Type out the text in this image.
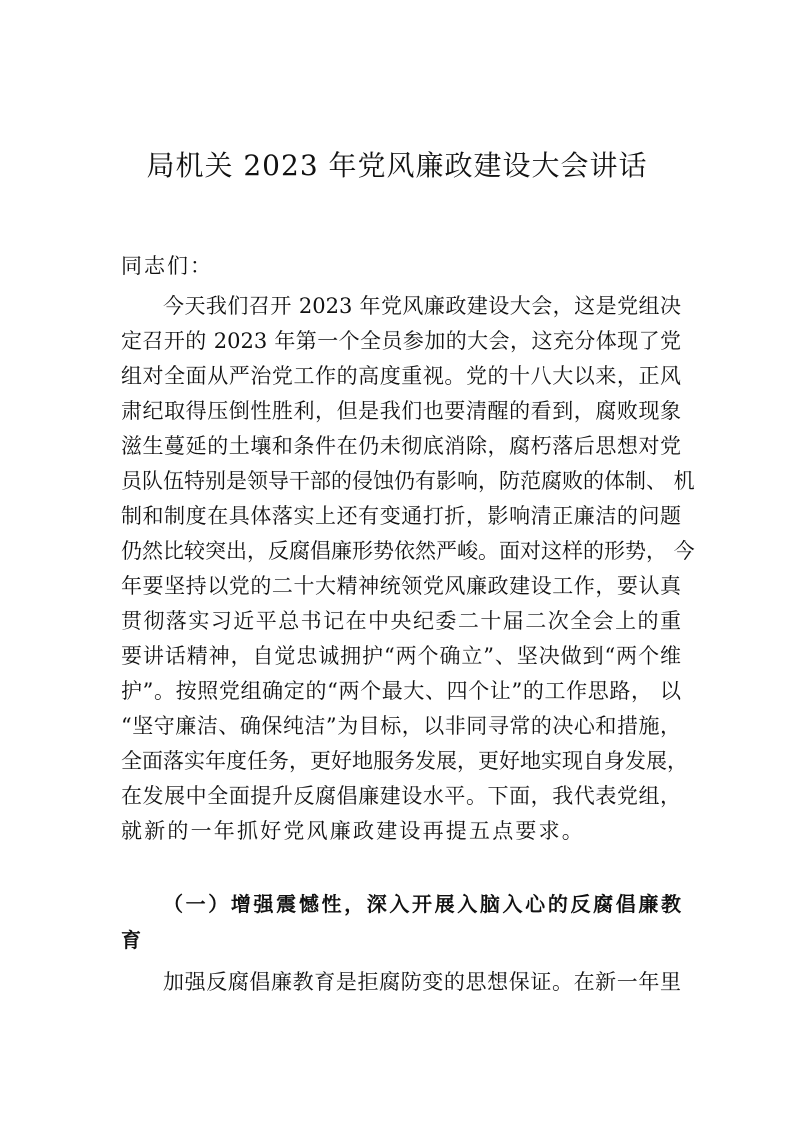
局机关 2023 年党风廉政建设大会讲话
同志们：
今天我们召开 2023 年党风廉政建设大会，这是党组决
定召开的 2023 年第一个全员参加的大会，这充分体现了党
组对全面从严治党工作的高度重视。党的十八大以来，正风
肃纪取得压倒性胜利，但是我们也要清醒的看到，腐败现象
滋生蔓延的土壤和条件在仍未彻底消除，腐朽落后思想对党
员队伍特别是领导干部的侵蚀仍有影响，防范腐败的体制、 机
制和制度在具体落实上还有变通打折，影响清正廉洁的问题
仍然比较突出，反腐倡廉形势依然严峻。面对这样的形势， 今
年要坚持以党的二十大精神统领党风廉政建设工作，要认真
贯彻落实习近平总书记在中央纪委二十届二次全会上的重
要讲话精神，自觉忠诚拥护“两个确立”、坚决做到“两个维
护”。按照党组确定的“两个最大、四个让”的工作思路， 以
“坚守廉洁、确保纯洁”为目标，以非同寻常的决心和措施，
全面落实年度任务，更好地服务发展，更好地实现自身发展，
在发展中全面提升反腐倡廉建设水平。下面，我代表党组，
就新的一年抓好党风廉政建设再提五点要求。
（一）增强震憾性，深入开展入脑入心的反腐倡廉教
育
加强反腐倡廉教育是拒腐防变的思想保证。在新一年里
